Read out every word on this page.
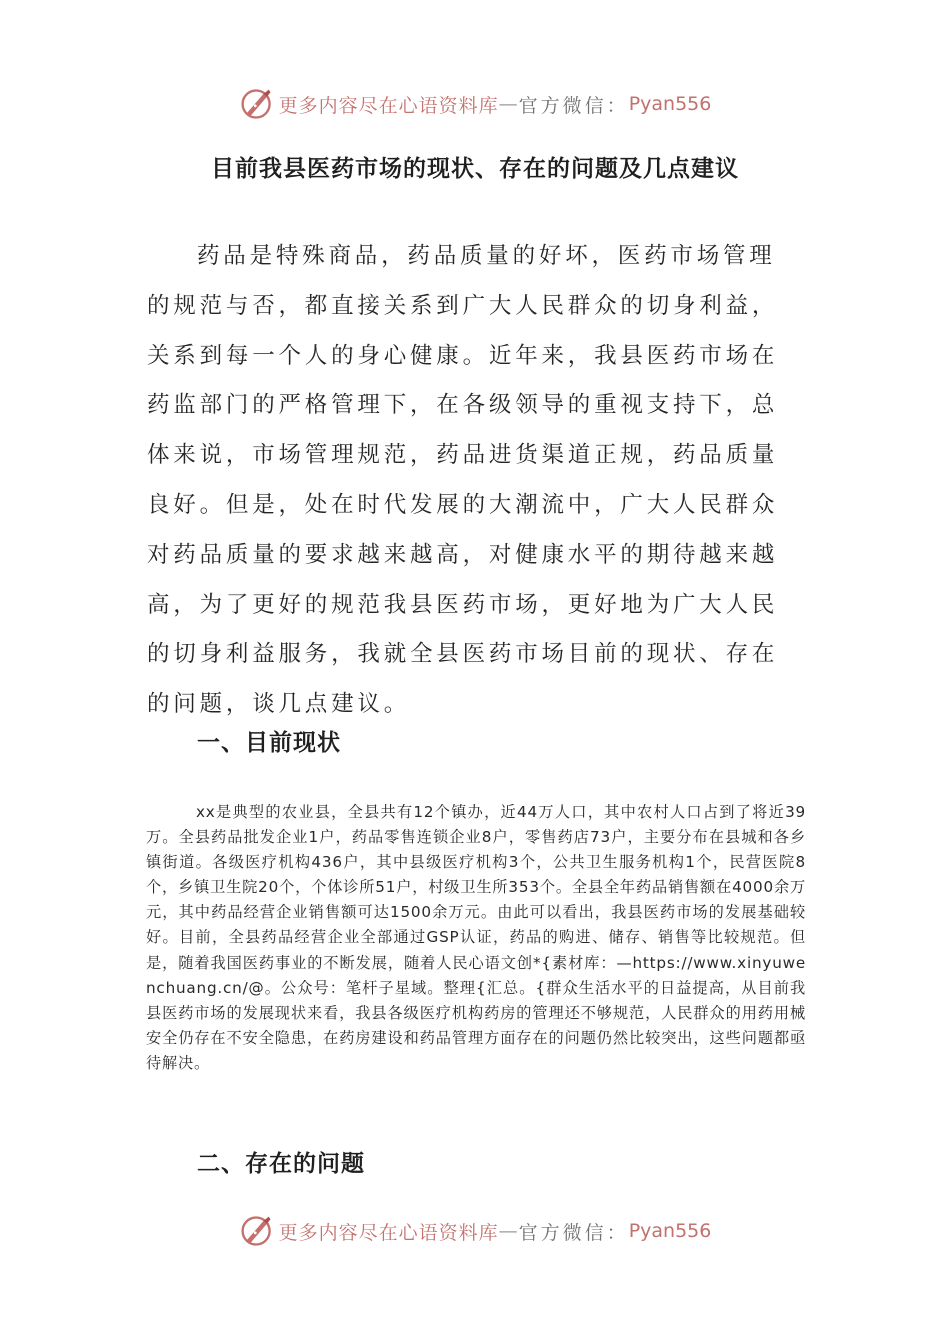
更多内容尽在心语资料库 — 官方微信： Pyan556
目前我县医药市场的现状、存在的问题及几点建议

药品是特殊商品，药品质量的好坏，医药市场管理的规范与否，都直接关系到广大人民群众的切身利益，关系到每一个人的身心健康。近年来，我县医药市场在药监部门的严格管理下，在各级领导的重视支持下，总体来说，市场管理规范，药品进货渠道正规，药品质量良好。但是，处在时代发展的大潮流中，广大人民群众对药品质量的要求越来越高，对健康水平的期待越来越高，为了更好的规范我县医药市场，更好地为广大人民的切身利益服务，我就全县医药市场目前的现状、存在的问题，谈几点建议。

一、目前现状

xx是典型的农业县，全县共有12个镇办，近44万人口，其中农村人口占到了将近39万。全县药品批发企业1户，药品零售连锁企业8户，零售药店73户，主要分布在县城和各乡镇街道。各级医疗机构436户，其中县级医疗机构3个，公共卫生服务机构1个，民营医院8个，乡镇卫生院20个，个体诊所51户，村级卫生所353个。全县全年药品销售额在4000余万元，其中药品经营企业销售额可达1500余万元。由此可以看出，我县医药市场的发展基础较好。目前，全县药品经营企业全部通过GSP认证，药品的购进、储存、销售等比较规范。但是，随着我国医药事业的不断发展，随着人民心语文创*{素材库：—https://www.xinyuwenchuang.cn/@。公众号：笔杆子星域。整理{汇总。{群众生活水平的日益提高，从目前我县医药市场的发展现状来看，我县各级医疗机构药房的管理还不够规范，人民群众的用药用械安全仍存在不安全隐患，在药房建设和药品管理方面存在的问题仍然比较突出，这些问题都亟待解决。

二、存在的问题
更多内容尽在心语资料库 — 官方微信： Pyan556
